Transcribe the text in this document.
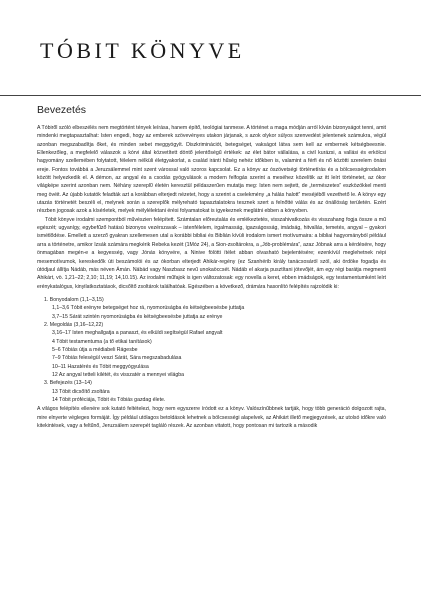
TÓBIT KÖNYVE
Bevezetés

A Tóbiről szóló elbeszélés nem megtörtént tények leírása, hanem építő, teológiai tanmese. A történet a maga módján arról kíván bizonyságot tenni, amit mindenki megtapasztalhat: Isten engedi, hogy az emberek szövevényes utakon járjanak, s azok olykor súlyos szenvedést jelentenek számukra, végül azonban megszabadítja őket, és minden sebet meggyógyít. Diszkriminációt, betegséget, vakságot látva sem kell az embernek kétségbeesnie. Ellenkezőleg, a megfelelő válaszok a kórvi által közvetített döntő jelentőségű értékek: az élet bátor vállalása, a civil kurázsi, a vallási és erkölcsi hagyomány szellemében folytatott, félelem nélküli életgyakorlat, a család iránti hűség nehéz időkben is, valamint a férfi és nő közötti szerelem önási ereje. Fontos továbbá a Jeruzsálemmel mint szent várossal való szoros kapcsolat. Ez a könyv az ószövetségi történetírás és a bölcsességirodalom között helyezkedik el. A démon, az angyal és a csodás gyógyulások a modern felfogás szerint a meséhez közelítik az itt leírt történetet, az ókor világképe szerint azonban nem. Néhány szerepl0 életén keresztül példaszerűen mutatja meg: Isten nem sejtett, de „természetes” eszközökkel menti meg övéit. Az újabb kutatók feladták azt a korábban elterjedt nézetet, hogy a szerint a cselekmény „a hálás halott” meséjéből vezethető le. A könyv egy utazás történetét beszéli el, melynek során a szereplők mélyreható tapasztalatokra tesznek szert a felnőtté válás és az önállóság területén. Ezért részben jogosak azok a kísérletek, melyek mélylélektani érési folyamatokat is igyekeznek meglátni ebben a könyvben.

Tóbit könyve irodalmi szempontból művészien felépített. Számtalan előreutalás és emlékeztetés, visszahivatkozás és visszahang fogja össze a mű egészét; ugyanígy, egybefűző hatású bizonyos vezérszavak – istenfélelem, irgalmasság, igazságosság, imádság, hitvallás, temetés, angyal – gyakori ismétlődése. Emellett a szerző gyakran szellemesen utal a korábbi bibliai és Biblián kívüli irodalom ismert motívumaira: a bibliai hagyományból például arra a történetre, amikor Izsák számára megkérik Rebeka kezét (1Móz 24), a Sion-zsoltárokra, a „Jób-problémára”, azaz Jóbnak arra a kérdésére, hogy önmagában megén-e a kegyesség, vagy Jónás könyvére, a Ninive fölötti ítélet abban olvasható bejelentésére; ezenkívül meglehetnek népi mesemotívumok, kereskedők úti beszámolói és az ókorban elterjedt Ahikár-regény (ez Szanhérib király tanácsosáról szól, aki ördöke fogadja és útódjaul állítja Nádáb, más néven Ámán. Nábád vagy Naszbasz nevű unokaöccsét. Nádáb el akarja pusztítani jótevőjét, ám egy régi barátja megmenti Ahikárt, vö. 1,21–22; 2,10; 11,19; 14,10.15). Az irodalmi műfajok is igen változatosak: egy novella a keret, ebben imádságok, egy testamentumként leírt erénykatalógus, kinyilatkoztatások, dicsőítő zsoltárok találhatóak. Egészében a következő, drámára hasonlító felépítés rajzolódik ki:

1. Bonyodalom (1,1–3,15)
1,1–3,6 Tóbit erényre betegséget hoz rá, nyomorúságba és kétségbeesésbe juttatja
3,7–15 Sárát szintén nyomorúságba és kétségbeesésbe juttatja az erénye
2. Megoldás (3,16–12,22)
3,16–17 Isten meghallgatja a panaszt, és elküldi segítségül Rafael angyalt
4 Tóbit testamentuma (a tő etikai tanítások)
5–6 Tóbiás útja a médiabeli Rágesbe
7–9 Tóbiás feleségül veszi Sárát, Sára megszabadulása
10–11 Hazatérés és Tóbit meggyógyulása
12 Az angyal tetteli kilétét, és visszatér a mennyei világba
3. Befejezés (13–14)
13 Tóbit dicsőítő zsoltára
14 Tóbit próféciája, Tóbit és Tóbiás gazdag élete.

A világos felépítés ellenére sok kutató feltételezi, hogy nem egyszerre íródott ez a könyv. Valószínűbbnek tartják, hogy több generáció dolgozott rajta, mire elnyerte végleges formáját. Így például utólagos betoldások lehetnek a bölcsességi alapelvek, az Ahikárt illető megjegyzések, az utolsó időkre való kitekintések, vagy a feltűnő, Jeruzsálem szerepét tagláló részek. Az azonban vitatott, hogy pontosan mi tartozik a második
